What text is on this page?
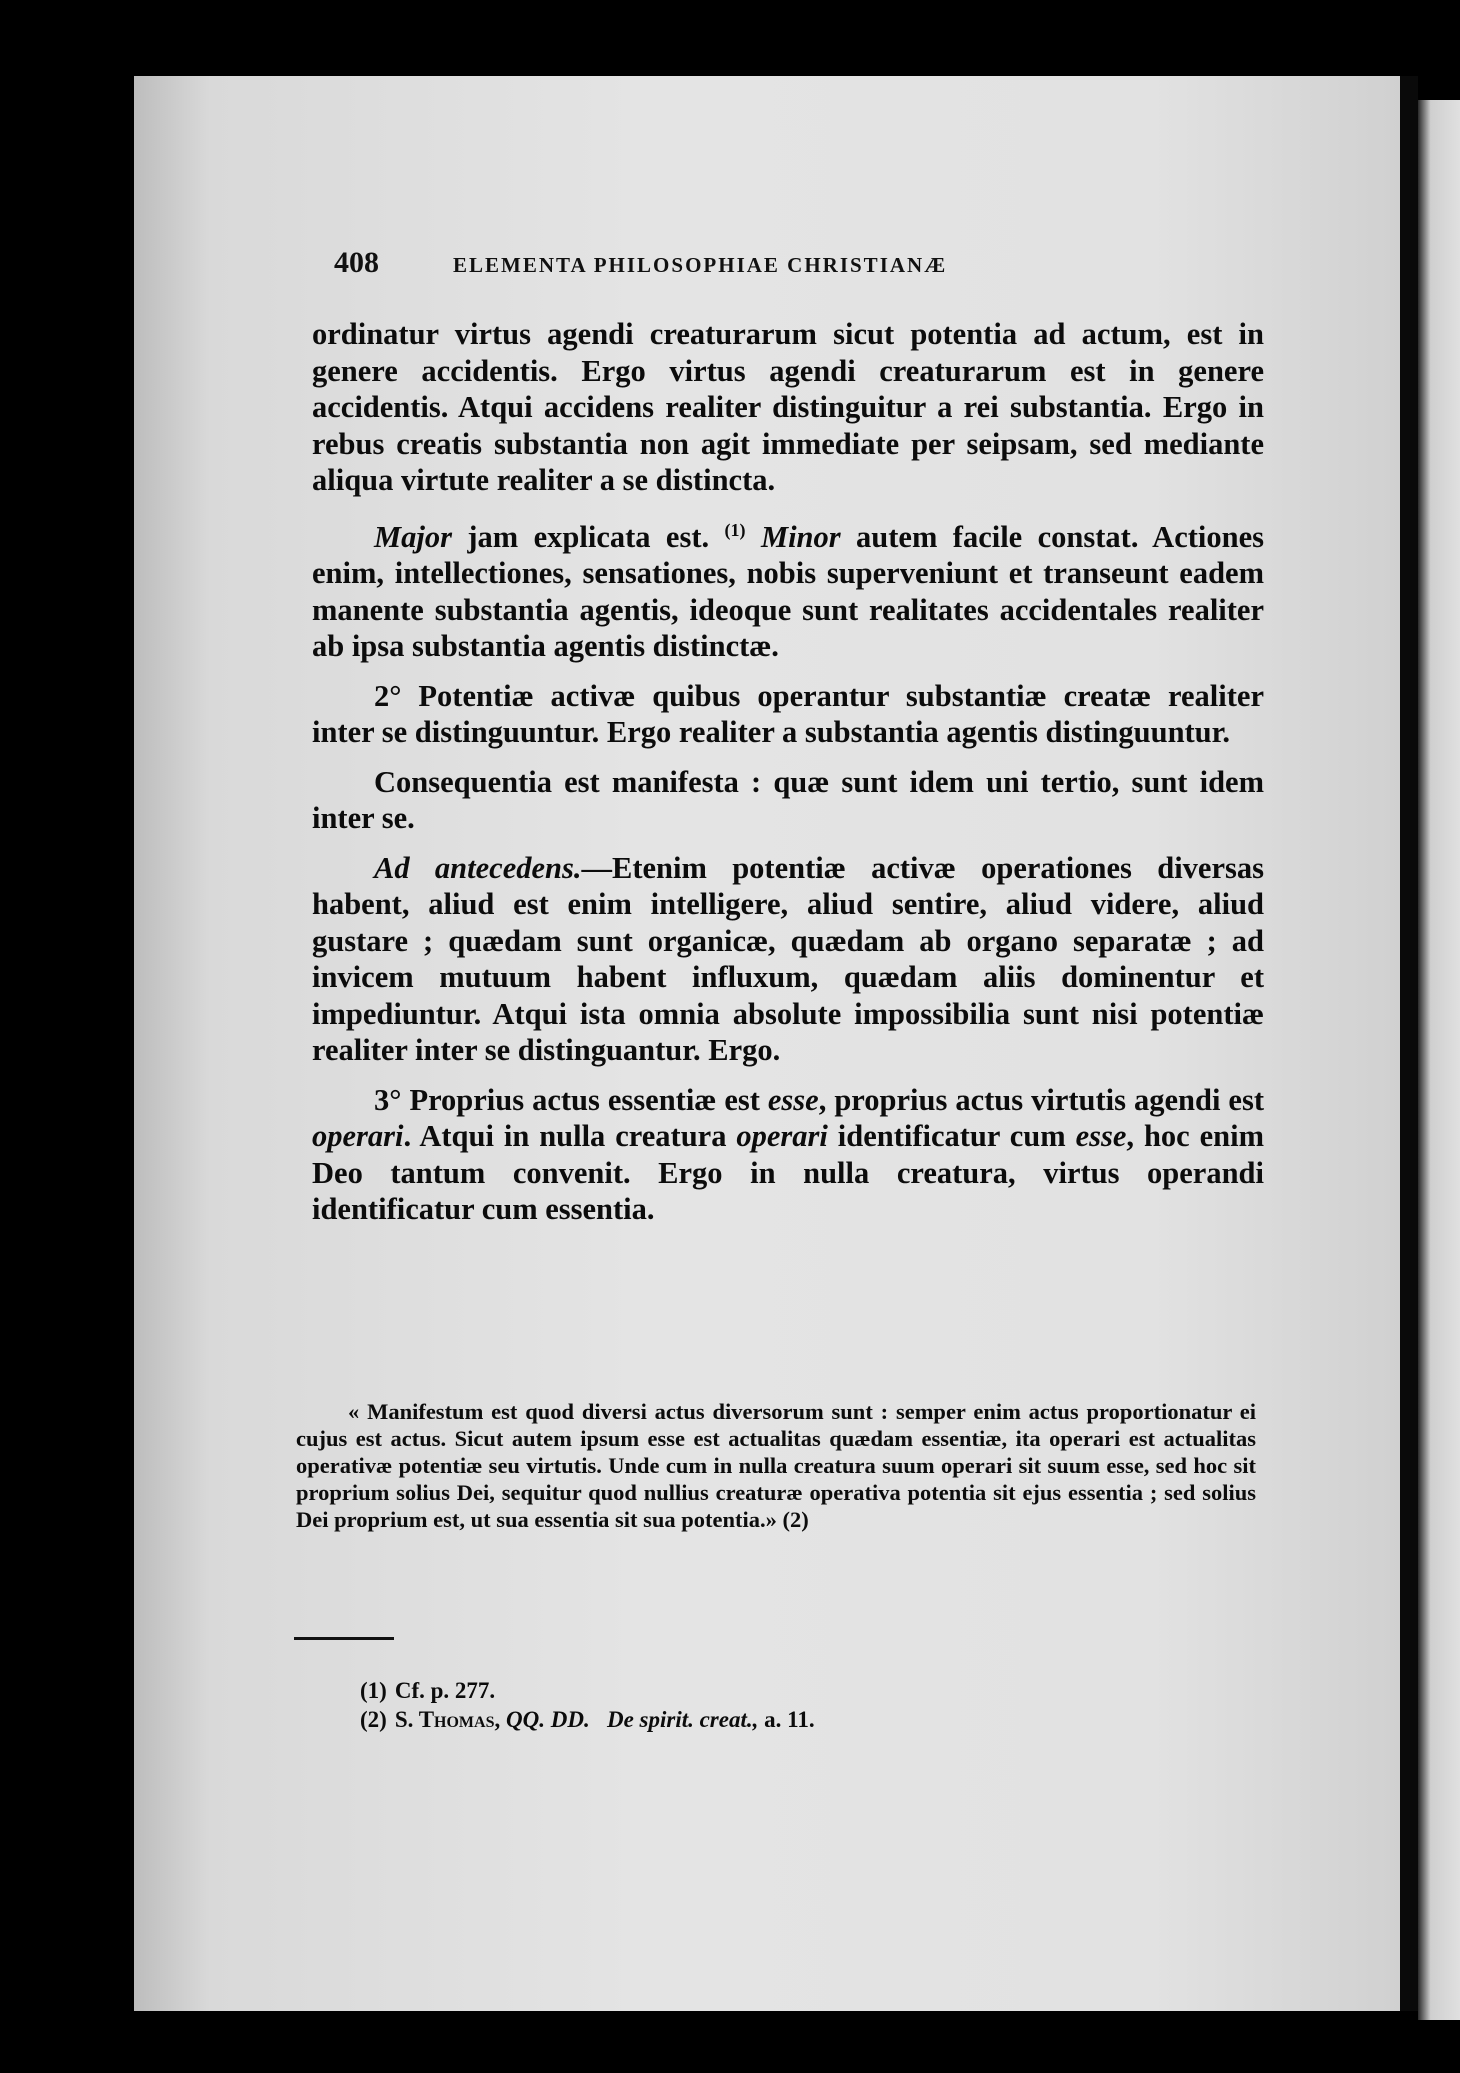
408	ELEMENTA PHILOSOPHIAE CHRISTIANÆ

ordinatur virtus agendi creaturarum sicut potentia ad actum, est in genere accidentis. Ergo virtus agendi creaturarum est in genere accidentis. Atqui accidens realiter distinguitur a rei substantia. Ergo in rebus creatis substantia non agit immediate per seipsam, sed mediante aliqua virtute realiter a se distincta.

Major jam explicata est. $^{(1)}$ Minor autem facile constat. Actiones enim, intellectiones, sensationes, nobis superveniunt et transeunt eadem manente substantia agentis, ideoque sunt realitates accidentales realiter ab ipsa substantia agentis distinctæ.

2° Potentiæ activæ quibus operantur substantiæ creatæ realiter inter se distinguuntur. Ergo realiter a substantia agentis distinguuntur.

Consequentia est manifesta : quæ sunt idem uni tertio, sunt idem inter se.

Ad antecedens.—Etenim potentiæ activæ operationes diversas habent, aliud est enim intelligere, aliud sentire, aliud videre, aliud gustare ; quædam sunt organicæ, quædam ab organo separatæ ; ad invicem mutuum habent influxum, quædam aliis dominentur et impediuntur. Atqui ista omnia absolute impossibilia sunt nisi potentiæ realiter inter se distinguantur. Ergo.

3° Proprius actus essentiæ est esse, proprius actus virtutis agendi est operari. Atqui in nulla creatura operari identificatur cum esse, hoc enim Deo tantum convenit. Ergo in nulla creatura, virtus operandi identificatur cum essentia.

« Manifestum est quod diversi actus diversorum sunt : semper enim actus proportionatur ei cujus est actus. Sicut autem ipsum esse est actualitas quædam essentiæ, ita operari est actualitas operativæ potentiæ seu virtutis. Unde cum in nulla creatura suum operari sit suum esse, sed hoc sit proprium solius Dei, sequitur quod nullius creaturæ operativa potentia sit ejus essentia ; sed solius Dei proprium est, ut sua essentia sit sua potentia.» (2)
(1) Cf. p. 277.
(2) S. Thomas, QQ. DD. De spirit. creat., a. 11.
